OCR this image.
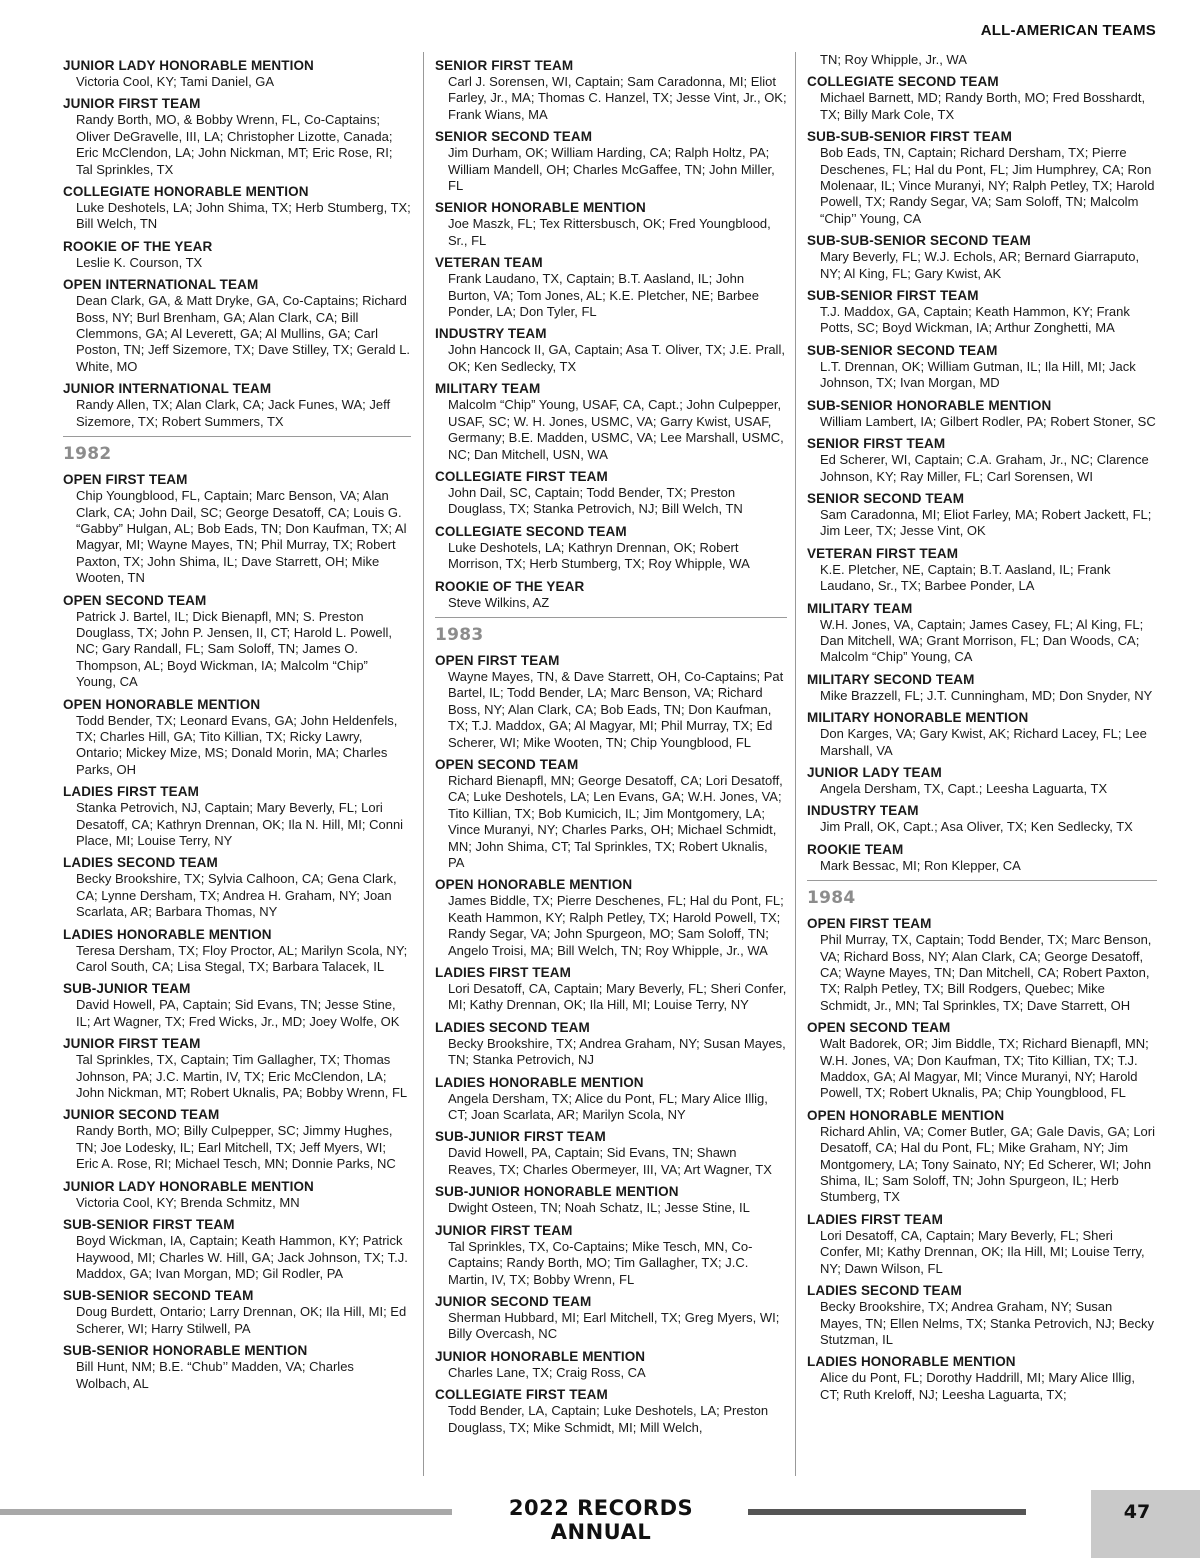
ALL-AMERICAN TEAMS
JUNIOR LADY HONORABLE MENTION
Victoria Cool, KY; Tami Daniel, GA
JUNIOR FIRST TEAM
Randy Borth, MO, & Bobby Wrenn, FL, Co-Captains; Oliver DeGravelle, III, LA; Christopher Lizotte, Canada; Eric McClendon, LA; John Nickman, MT; Eric Rose, RI; Tal Sprinkles, TX
COLLEGIATE HONORABLE MENTION
Luke Deshotels, LA; John Shima, TX; Herb Stumberg, TX; Bill Welch, TN
ROOKIE OF THE YEAR
Leslie K. Courson, TX
OPEN INTERNATIONAL TEAM
Dean Clark, GA, & Matt Dryke, GA, Co-Captains; Richard Boss, NY; Burl Brenham, GA; Alan Clark, CA; Bill Clemmons, GA; Al Leverett, GA; Al Mullins, GA; Carl Poston, TN; Jeff Sizemore, TX; Dave Stilley, TX; Gerald L. White, MO
JUNIOR INTERNATIONAL TEAM
Randy Allen, TX; Alan Clark, CA; Jack Funes, WA; Jeff Sizemore, TX; Robert Summers, TX
1982
OPEN FIRST TEAM
Chip Youngblood, FL, Captain; Marc Benson, VA; Alan Clark, CA; John Dail, SC; George Desatoff, CA; Louis G. “Gabby” Hulgan, AL; Bob Eads, TN; Don Kaufman, TX; Al Magyar, MI; Wayne Mayes, TN; Phil Murray, TX; Robert Paxton, TX; John Shima, IL; Dave Starrett, OH; Mike Wooten, TN
OPEN SECOND TEAM
Patrick J. Bartel, IL; Dick Bienapfl, MN; S. Preston Douglass, TX; John P. Jensen, II, CT; Harold L. Powell, NC; Gary Randall, FL; Sam Soloff, TN; James O. Thompson, AL; Boyd Wickman, IA; Malcolm “Chip” Young, CA
OPEN HONORABLE MENTION
Todd Bender, TX; Leonard Evans, GA; John Heldenfels, TX; Charles Hill, GA; Tito Killian, TX; Ricky Lawry, Ontario; Mickey Mize, MS; Donald Morin, MA; Charles Parks, OH
LADIES FIRST TEAM
Stanka Petrovich, NJ, Captain; Mary Beverly, FL; Lori Desatoff, CA; Kathryn Drennan, OK; Ila N. Hill, MI; Conni Place, MI; Louise Terry, NY
LADIES SECOND TEAM
Becky Brookshire, TX; Sylvia Calhoon, CA; Gena Clark, CA; Lynne Dersham, TX; Andrea H. Graham, NY; Joan Scarlata, AR; Barbara Thomas, NY
LADIES HONORABLE MENTION
Teresa Dersham, TX; Floy Proctor, AL; Marilyn Scola, NY; Carol South, CA; Lisa Stegal, TX; Barbara Talacek, IL
SUB-JUNIOR TEAM
David Howell, PA, Captain; Sid Evans, TN; Jesse Stine, IL; Art Wagner, TX; Fred Wicks, Jr., MD; Joey Wolfe, OK
JUNIOR FIRST TEAM
Tal Sprinkles, TX, Captain; Tim Gallagher, TX; Thomas Johnson, PA; J.C. Martin, IV, TX; Eric McClendon, LA; John Nickman, MT; Robert Uknalis, PA; Bobby Wrenn, FL
JUNIOR SECOND TEAM
Randy Borth, MO; Billy Culpepper, SC; Jimmy Hughes, TN; Joe Lodesky, IL; Earl Mitchell, TX; Jeff Myers, WI; Eric A. Rose, RI; Michael Tesch, MN; Donnie Parks, NC
JUNIOR LADY HONORABLE MENTION
Victoria Cool, KY; Brenda Schmitz, MN
SUB-SENIOR FIRST TEAM
Boyd Wickman, IA, Captain; Keath Hammon, KY; Patrick Haywood, MI; Charles W. Hill, GA; Jack Johnson, TX; T.J. Maddox, GA; Ivan Morgan, MD; Gil Rodler, PA
SUB-SENIOR SECOND TEAM
Doug Burdett, Ontario; Larry Drennan, OK; Ila Hill, MI; Ed Scherer, WI; Harry Stilwell, PA
SUB-SENIOR HONORABLE MENTION
Bill Hunt, NM; B.E. “Chub’’ Madden, VA; Charles Wolbach, AL
SENIOR FIRST TEAM
Carl J. Sorensen, WI, Captain; Sam Caradonna, MI; Eliot Farley, Jr., MA; Thomas C. Hanzel, TX; Jesse Vint, Jr., OK; Frank Wians, MA
SENIOR SECOND TEAM
Jim Durham, OK; William Harding, CA; Ralph Holtz, PA; William Mandell, OH; Charles McGaffee, TN; John Miller, FL
SENIOR HONORABLE MENTION
Joe Maszk, FL; Tex Rittersbusch, OK; Fred Youngblood, Sr., FL
VETERAN TEAM
Frank Laudano, TX, Captain; B.T. Aasland, IL; John Burton, VA; Tom Jones, AL; K.E. Pletcher, NE; Barbee Ponder, LA; Don Tyler, FL
INDUSTRY TEAM
John Hancock II, GA, Captain; Asa T. Oliver, TX; J.E. Prall, OK; Ken Sedlecky, TX
MILITARY TEAM
Malcolm “Chip” Young, USAF, CA, Capt.; John Culpepper, USAF, SC; W. H. Jones, USMC, VA; Garry Kwist, USAF, Germany; B.E. Madden, USMC, VA; Lee Marshall, USMC, NC; Dan Mitchell, USN, WA
COLLEGIATE FIRST TEAM
John Dail, SC, Captain; Todd Bender, TX; Preston Douglass, TX; Stanka Petrovich, NJ; Bill Welch, TN
COLLEGIATE SECOND TEAM
Luke Deshotels, LA; Kathryn Drennan, OK; Robert Morrison, TX; Herb Stumberg, TX; Roy Whipple, WA
ROOKIE OF THE YEAR
Steve Wilkins, AZ
1983
OPEN FIRST TEAM
Wayne Mayes, TN, & Dave Starrett, OH, Co-Captains; Pat Bartel, IL; Todd Bender, LA; Marc Benson, VA; Richard Boss, NY; Alan Clark, CA; Bob Eads, TN; Don Kaufman, TX; T.J. Maddox, GA; Al Magyar, MI; Phil Murray, TX; Ed Scherer, WI; Mike Wooten, TN; Chip Youngblood, FL
OPEN SECOND TEAM
Richard Bienapfl, MN; George Desatoff, CA; Lori Desatoff, CA; Luke Deshotels, LA; Len Evans, GA; W.H. Jones, VA; Tito Killian, TX; Bob Kumicich, IL; Jim Montgomery, LA; Vince Muranyi, NY; Charles Parks, OH; Michael Schmidt, MN; John Shima, CT; Tal Sprinkles, TX; Robert Uknalis, PA
OPEN HONORABLE MENTION
James Biddle, TX; Pierre Deschenes, FL; Hal du Pont, FL; Keath Hammon, KY; Ralph Petley, TX; Harold Powell, TX; Randy Segar, VA; John Spurgeon, MO; Sam Soloff, TN; Angelo Troisi, MA; Bill Welch, TN; Roy Whipple, Jr., WA
LADIES FIRST TEAM
Lori Desatoff, CA, Captain; Mary Beverly, FL; Sheri Confer, MI; Kathy Drennan, OK; Ila Hill, MI; Louise Terry, NY
LADIES SECOND TEAM
Becky Brookshire, TX; Andrea Graham, NY; Susan Mayes, TN; Stanka Petrovich, NJ
LADIES HONORABLE MENTION
Angela Dersham, TX; Alice du Pont, FL; Mary Alice Illig, CT; Joan Scarlata, AR; Marilyn Scola, NY
SUB-JUNIOR FIRST TEAM
David Howell, PA, Captain; Sid Evans, TN; Shawn Reaves, TX; Charles Obermeyer, III, VA; Art Wagner, TX
SUB-JUNIOR HONORABLE MENTION
Dwight Osteen, TN; Noah Schatz, IL; Jesse Stine, IL
JUNIOR FIRST TEAM
Tal Sprinkles, TX, Co-Captains; Mike Tesch, MN, Co-Captains; Randy Borth, MO; Tim Gallagher, TX; J.C. Martin, IV, TX; Bobby Wrenn, FL
JUNIOR SECOND TEAM
Sherman Hubbard, MI; Earl Mitchell, TX; Greg Myers, WI; Billy Overcash, NC
JUNIOR HONORABLE MENTION
Charles Lane, TX; Craig Ross, CA
COLLEGIATE FIRST TEAM
Todd Bender, LA, Captain; Luke Deshotels, LA; Preston Douglass, TX; Mike Schmidt, MI; Mill Welch,
TN; Roy Whipple, Jr., WA
COLLEGIATE SECOND TEAM
Michael Barnett, MD; Randy Borth, MO; Fred Bosshardt, TX; Billy Mark Cole, TX
SUB-SUB-SENIOR FIRST TEAM
Bob Eads, TN, Captain; Richard Dersham, TX; Pierre Deschenes, FL; Hal du Pont, FL; Jim Humphrey, CA; Ron Molenaar, IL; Vince Muranyi, NY; Ralph Petley, TX; Harold Powell, TX; Randy Segar, VA; Sam Soloff, TN; Malcolm “Chip’’ Young, CA
SUB-SUB-SENIOR SECOND TEAM
Mary Beverly, FL; W.J. Echols, AR; Bernard Giarraputo, NY; Al King, FL; Gary Kwist, AK
SUB-SENIOR FIRST TEAM
T.J. Maddox, GA, Captain; Keath Hammon, KY; Frank Potts, SC; Boyd Wickman, IA; Arthur Zonghetti, MA
SUB-SENIOR SECOND TEAM
L.T. Drennan, OK; William Gutman, IL; Ila Hill, MI; Jack Johnson, TX; Ivan Morgan, MD
SUB-SENIOR HONORABLE MENTION
William Lambert, IA; Gilbert Rodler, PA; Robert Stoner, SC
SENIOR FIRST TEAM
Ed Scherer, WI, Captain; C.A. Graham, Jr., NC; Clarence Johnson, KY; Ray Miller, FL; Carl Sorensen, WI
SENIOR SECOND TEAM
Sam Caradonna, MI; Eliot Farley, MA; Robert Jackett, FL; Jim Leer, TX; Jesse Vint, OK
VETERAN FIRST TEAM
K.E. Pletcher, NE, Captain; B.T. Aasland, IL; Frank Laudano, Sr., TX; Barbee Ponder, LA
MILITARY TEAM
W.H. Jones, VA, Captain; James Casey, FL; Al King, FL; Dan Mitchell, WA; Grant Morrison, FL; Dan Woods, CA; Malcolm “Chip” Young, CA
MILITARY SECOND TEAM
Mike Brazzell, FL; J.T. Cunningham, MD; Don Snyder, NY
MILITARY HONORABLE MENTION
Don Karges, VA; Gary Kwist, AK; Richard Lacey, FL; Lee Marshall, VA
JUNIOR LADY TEAM
Angela Dersham, TX, Capt.; Leesha Laguarta, TX
INDUSTRY TEAM
Jim Prall, OK, Capt.; Asa Oliver, TX; Ken Sedlecky, TX
ROOKIE TEAM
Mark Bessac, MI; Ron Klepper, CA
1984
OPEN FIRST TEAM
Phil Murray, TX, Captain; Todd Bender, TX; Marc Benson, VA; Richard Boss, NY; Alan Clark, CA; George Desatoff, CA; Wayne Mayes, TN; Dan Mitchell, CA; Robert Paxton, TX; Ralph Petley, TX; Bill Rodgers, Quebec; Mike Schmidt, Jr., MN; Tal Sprinkles, TX; Dave Starrett, OH
OPEN SECOND TEAM
Walt Badorek, OR; Jim Biddle, TX; Richard Bienapfl, MN; W.H. Jones, VA; Don Kaufman, TX; Tito Killian, TX; T.J. Maddox, GA; Al Magyar, MI; Vince Muranyi, NY; Harold Powell, TX; Robert Uknalis, PA; Chip Youngblood, FL
OPEN HONORABLE MENTION
Richard Ahlin, VA; Comer Butler, GA; Gale Davis, GA; Lori Desatoff, CA; Hal du Pont, FL; Mike Graham, NY; Jim Montgomery, LA; Tony Sainato, NY; Ed Scherer, WI; John Shima, IL; Sam Soloff, TN; John Spurgeon, IL; Herb Stumberg, TX
LADIES FIRST TEAM
Lori Desatoff, CA, Captain; Mary Beverly, FL; Sheri Confer, MI; Kathy Drennan, OK; Ila Hill, MI; Louise Terry, NY; Dawn Wilson, FL
LADIES SECOND TEAM
Becky Brookshire, TX; Andrea Graham, NY; Susan Mayes, TN; Ellen Nelms, TX; Stanka Petrovich, NJ; Becky Stutzman, IL
LADIES HONORABLE MENTION
Alice du Pont, FL; Dorothy Haddrill, MI; Mary Alice Illig, CT; Ruth Kreloff, NJ; Leesha Laguarta, TX;
2022 RECORDS ANNUAL
47
